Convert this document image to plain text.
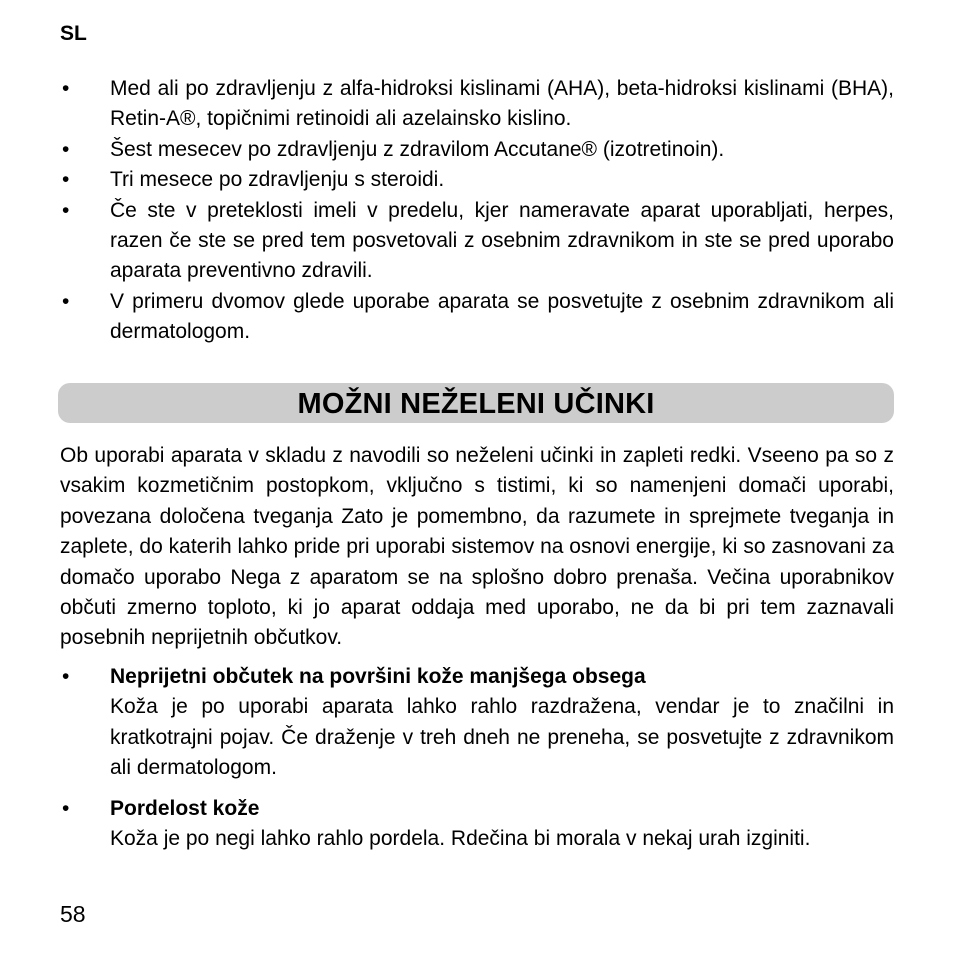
SL
•	Med ali po zdravljenju z alfa-hidroksi kislinami (AHA), beta-hidroksi kislinami (BHA), Retin-A®, topičnimi retinoidi ali azelainsko kislino.
•	Šest mesecev po zdravljenju z zdravilom Accutane® (izotretinoin).
•	Tri mesece po zdravljenju s steroidi.
•	Če ste v preteklosti imeli v predelu, kjer nameravate aparat uporabljati, herpes, razen če ste se pred tem posvetovali z osebnim zdravnikom in ste se pred uporabo aparata preventivno zdravili.
•	V primeru dvomov glede uporabe aparata se posvetujte z osebnim zdravnikom ali dermatologom.
MOŽNI NEŽELENI UČINKI
Ob uporabi aparata v skladu z navodili so neželeni učinki in zapleti redki. Vseeno pa so z vsakim kozmetičnim postopkom, vključno s tistimi, ki so namenjeni domači uporabi, povezana določena tveganja Zato je pomembno, da razumete in sprejmete tveganja in zaplete, do katerih lahko pride pri uporabi sistemov na osnovi energije, ki so zasnovani za domačo uporabo Nega z aparatom se na splošno dobro prenaša. Večina uporabnikov občuti zmerno toploto, ki jo aparat oddaja med uporabo, ne da bi pri tem zaznavali posebnih neprijetnih občutkov.
• Neprijetni občutek na površini kože manjšega obsega
Koža je po uporabi aparata lahko rahlo razdražena, vendar je to značilni in kratkotrajni pojav. Če draženje v treh dneh ne preneha, se posvetujte z zdravnikom ali dermatologom.
• Pordelost kože
Koža je po negi lahko rahlo pordela. Rdečina bi morala v nekaj urah izginiti.
58
